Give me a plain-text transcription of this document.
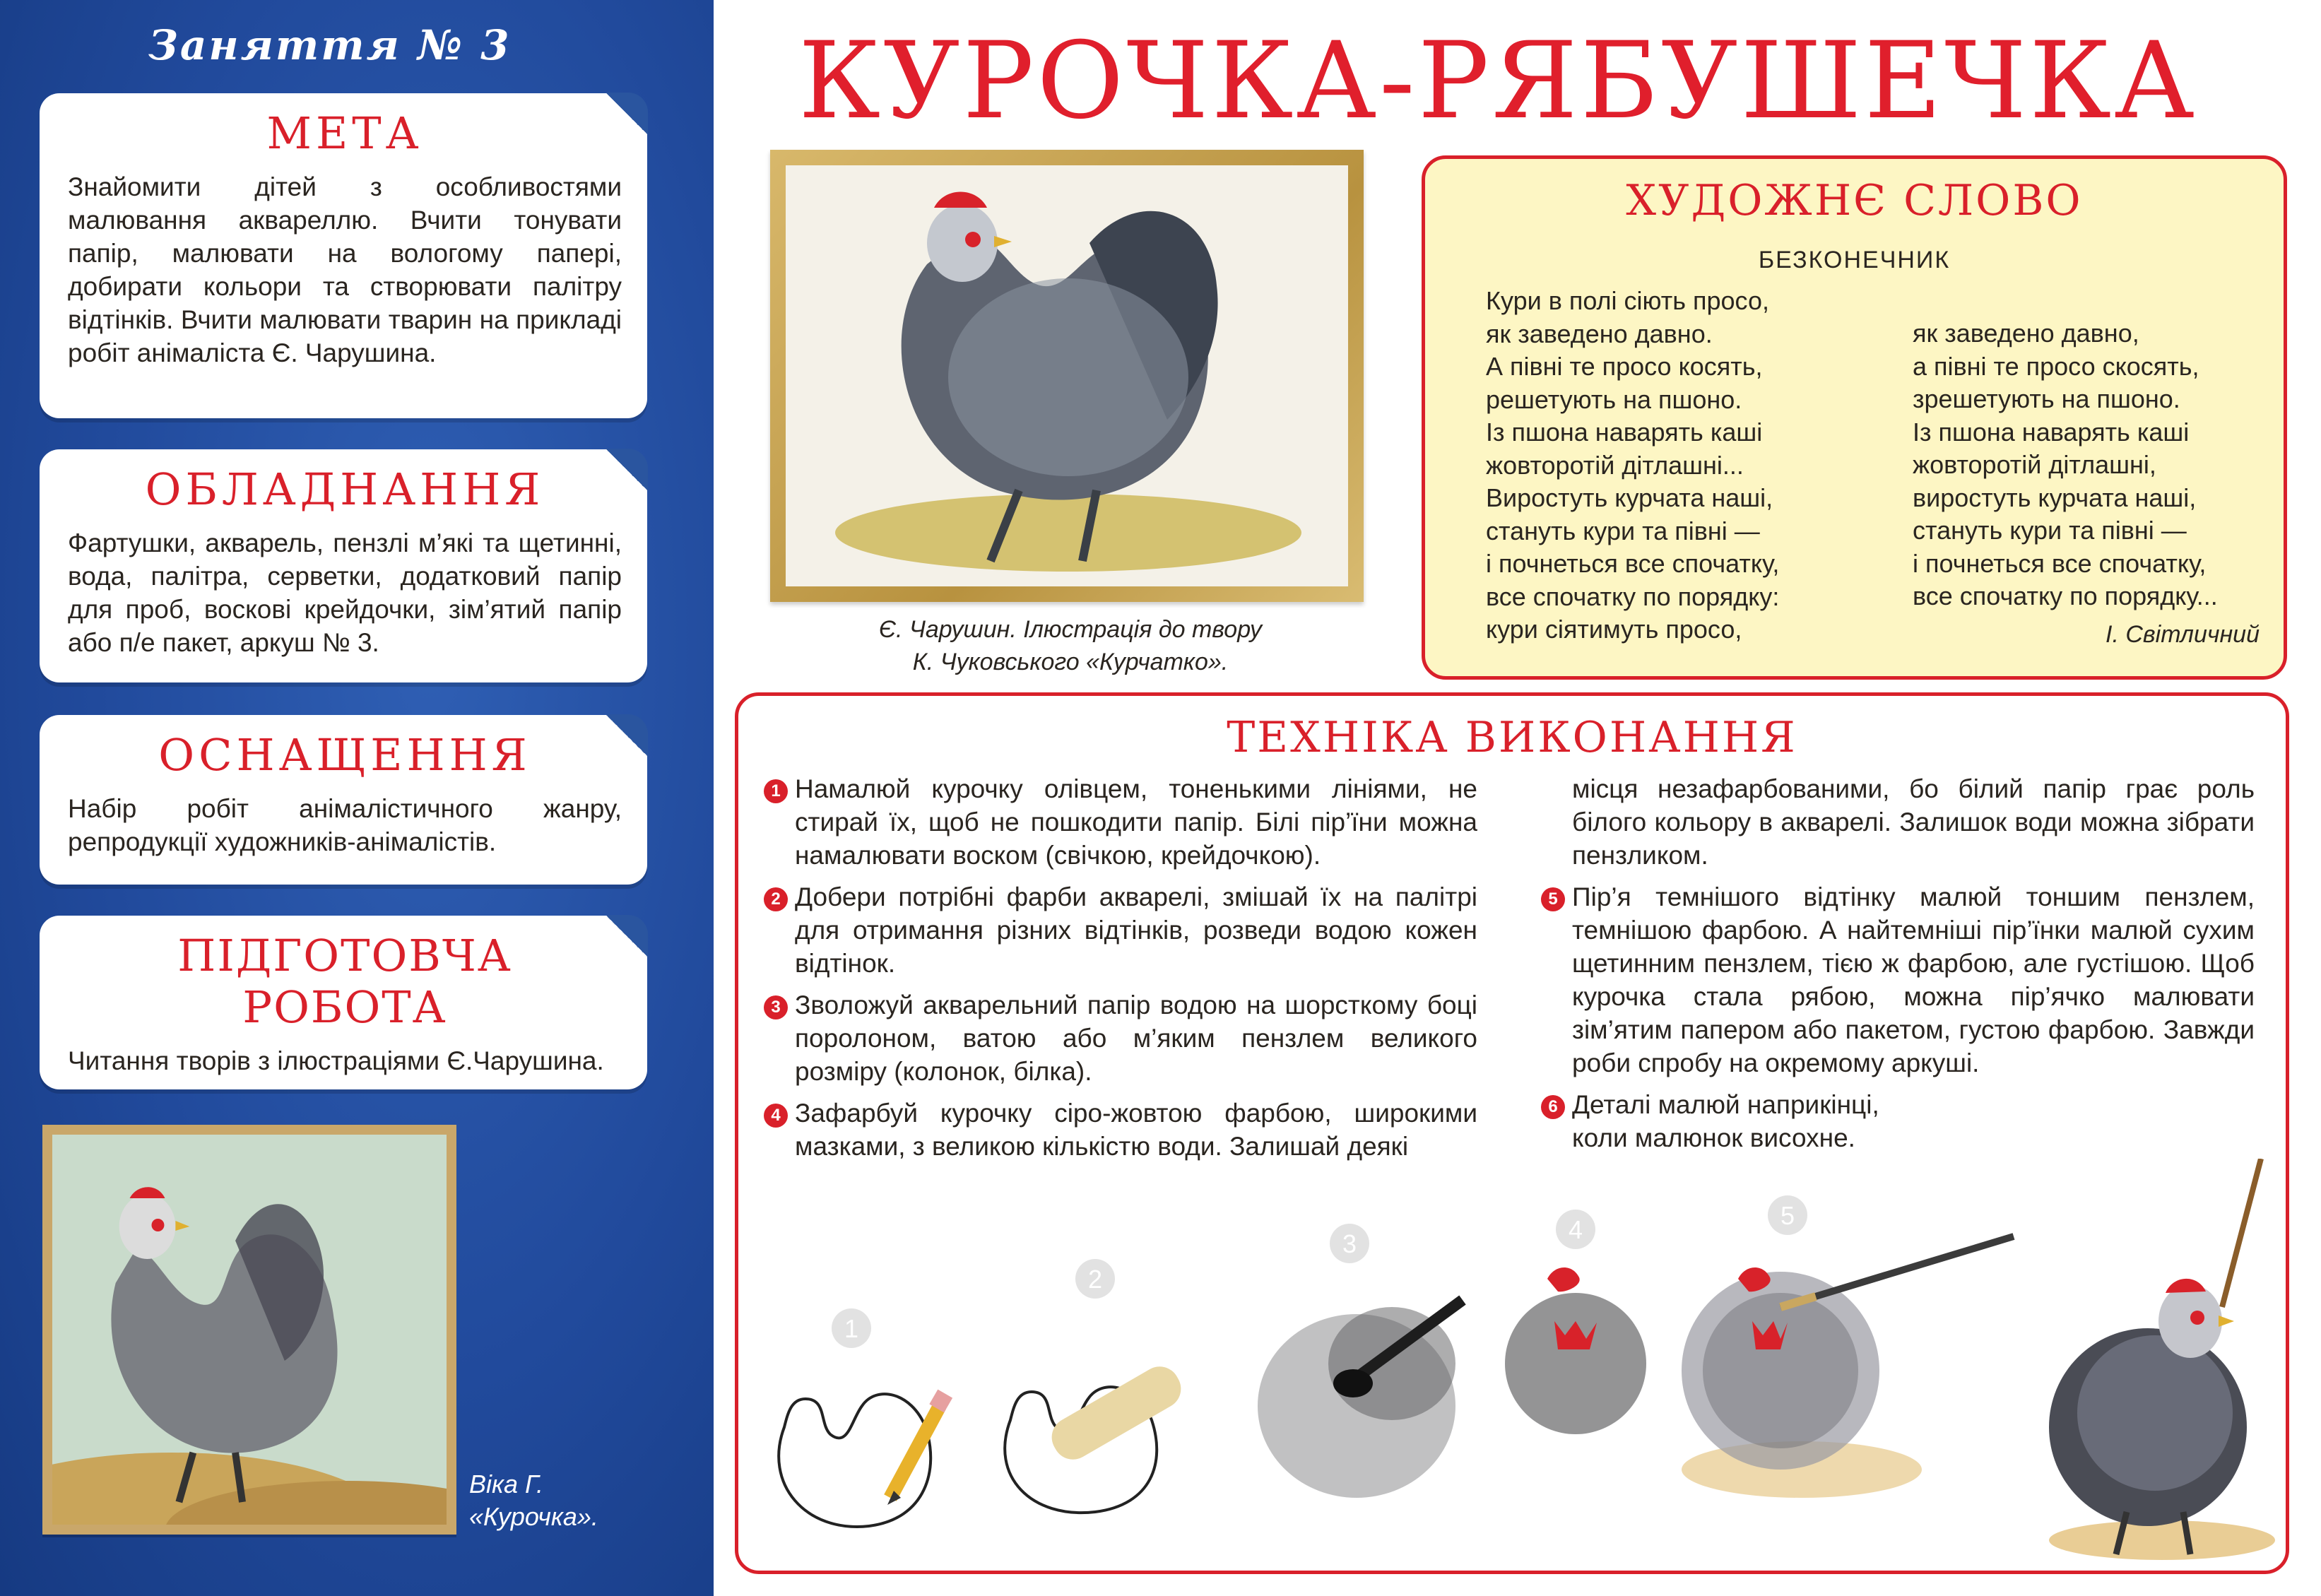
Заняття № 3
МЕТА

Знайомити дітей з особливостями малювання аквареллю. Вчити тонувати папір, малювати на вологому папері, добирати кольори та створювати палітру відтінків. Вчити малювати тварин на прикладі робіт анімаліста Є. Чарушина.

ОБЛАДНАННЯ

Фартушки, акварель, пензлі м’які та щетинні, вода, палітра, серветки, додатковий папір для проб, воскові крейдочки, зім’ятий папір або п/е пакет, аркуш № 3.

ОСНАЩЕННЯ

Набір робіт анімалістичного жанру, репродукції художників-анімалістів.

ПІДГОТОВЧА РОБОТА

Читання творів з ілюстраціями Є.Чарушина.

Віка Г.
«Курочка».
КУРОЧКА-РЯБУШЕЧКА
Є. Чарушин. Ілюстрація до твору
К. Чуковського «Курчатко».
ХУДОЖНЄ СЛОВО
БЕЗКОНЕЧНИК
Кури в полі сіють просо,
як заведено давно.
А півні те просо косять,
решетують на пшоно.
Із пшона наварять каші
жовторотій дітлашні...
Виростуть курчата наші,
стануть кури та півні —
і почнеться все спочатку,
все спочатку по порядку:
кури сіятимуть просо,
як заведено давно,
а півні те просо скосять,
зрешетують на пшоно.
Із пшона наварять каші
жовторотій дітлашні,
виростуть курчата наші,
стануть кури та півні —
і почнеться все спочатку,
все спочатку по порядку...
І. Світличний
ТЕХНІКА ВИКОНАННЯ
1 Намалюй курочку олівцем, тоненькими лініями, не стирай їх, щоб не пошкодити папір. Білі пір’їни можна намалювати воском (свічкою, крейдочкою).
2 Добери потрібні фарби акварелі, змішай їх на палітрі для отримання різних відтінків, розведи водою кожен відтінок.
3 Зволожуй акварельний папір водою на шорсткому боці поролоном, ватою або м’яким пензлем великого розміру (колонок, білка).
4 Зафарбуй курочку сіро-жовтою фарбою, широкими мазками, з великою кількістю води. Залишай деякі
місця незафарбованими, бо білий папір грає роль білого кольору в акварелі. Залишок води можна зібрати пензликом.
5 Пір’я темнішого відтінку малюй тоншим пензлем, темнішою фарбою. А найтемніші пір’їнки малюй сухим щетинним пензлем, тією ж фарбою, але густішою. Щоб курочка стала рябою, можна пір’ячко малювати зім’ятим папером або пакетом, густою фарбою. Завжди роби спробу на окремому аркуші.
6 Деталі малюй наприкінці, коли малюнок висохне.
1
2
3	4	5
